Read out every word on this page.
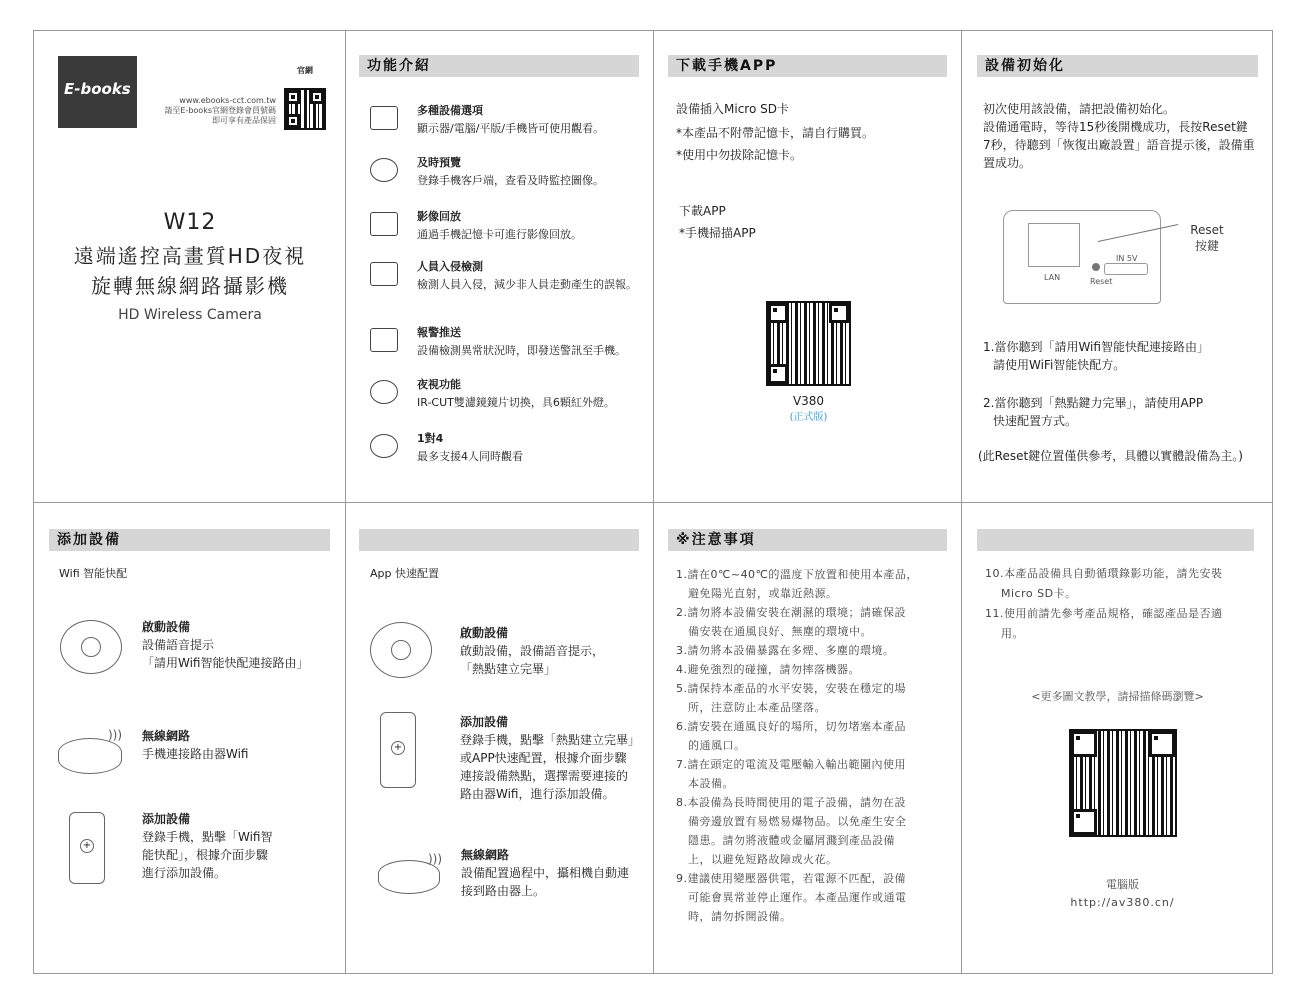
E-books
官網
www.ebooks-cct.com.tw
請至E-books官網登錄會員號碼
即可享有產品保固
W12
遠端遙控高畫質HD夜視
旋轉無線網路攝影機
HD Wireless Camera
功能介紹
多種設備選項
顯示器/電腦/平版/手機皆可使用觀看。
及時預覽
登錄手機客戶端，查看及時監控圖像。
影像回放
通過手機記憶卡可進行影像回放。
人員入侵檢測
檢測人員入侵，減少非人員走動產生的誤報。
報警推送
設備檢測異常狀況時，即發送警訊至手機。
夜視功能
IR-CUT雙濾鏡鏡片切換，具6顆紅外燈。
1對4
最多支援4人同時觀看
下載手機APP
設備插入Micro SD卡
*本產品不附帶記憶卡，請自行購買。
*使用中勿拔除記憶卡。
下載APP
*手機掃描APP
V380
(正式版)
設備初始化
初次使用該設備，請把設備初始化。
設備通電時，等待15秒後開機成功，長按Reset鍵7秒，待聽到「恢復出廠設置」語音提示後，設備重置成功。
LAN
IN 5V
Reset
Reset
按鍵
1.當你聽到「請用Wifi智能快配連接路由」
請使用WiFi智能快配方。
2.當你聽到「熱點鍵力完畢」，請使用APP
快速配置方式。
(此Reset鍵位置僅供參考，具體以實體設備為主。)
添加設備
Wifi 智能快配
啟動設備
設備語音提示
「請用Wifi智能快配連接路由」
))) 無線網路
手機連接路由器Wifi
+
添加設備
登錄手機，點擊「Wifi智
能快配」，根據介面步驟
進行添加設備。
App 快速配置
啟動設備
啟動設備，設備語音提示，
「熱點建立完畢」
+
添加設備
登錄手機，點擊「熱點建立完畢」
或APP快速配置，根據介面步驟
連接設備熱點，選擇需要連接的
路由器Wifi，進行添加設備。
))) 無線網路
設備配置過程中，攝相機自動連
接到路由器上。
※注意事項
1.請在0℃~40℃的溫度下放置和使用本產品，
避免陽光直射，或靠近熱源。
2.請勿將本設備安裝在潮濕的環境；請確保設
備安裝在通風良好、無塵的環境中。
3.請勿將本設備暴露在多煙、多塵的環境。
4.避免強烈的碰撞，請勿摔落機器。
5.請保持本產品的水平安裝，安裝在穩定的場
所，注意防止本產品墜落。
6.請安裝在通風良好的場所，切勿堵塞本產品
的通風口。
7.請在頭定的電流及電壓輸入輸出範圍內使用
本設備。
8.本設備為長時間使用的電子設備，請勿在設
備旁邊放置有易燃易爆物品。以免產生安全
隱患。請勿將液體或金屬屑濺到產品設備
上，以避免短路故障或火花。
9.建議使用變壓器供電，若電源不匹配，設備
可能會異常並停止運作。本產品運作或通電
時，請勿拆開設備。
10.本產品設備具自動循環錄影功能，請先安裝
Micro SD卡。
11.使用前請先參考產品規格，確認產品是否適
用。
<更多圖文教學，請掃描條碼瀏覽>
電腦版
http://av380.cn/
